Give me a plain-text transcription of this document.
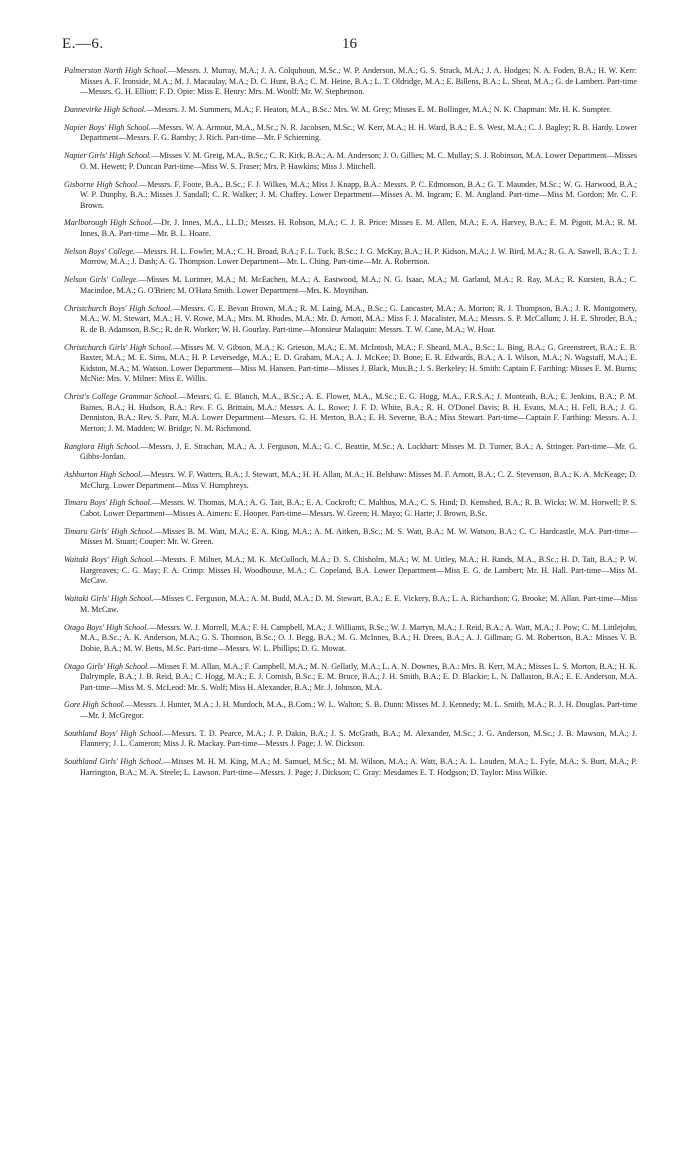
E.—6.	16

Palmerston North High School.—Messrs. J. Murray, M.A.; J. A. Colquhoun, M.Sc.; W. P. Anderson, M.A.; G. S. Strack, M.A.; J. A. Hodges; N. A. Foden, B.A.; H. W. Kerr: Misses A. F. Ironside, M.A.; M. J. Macaulay, M.A.; D. C. Hunt, B.A.; C. M. Heine, B.A.; L. T. Oldridge, M.A.; E. Billens, B.A.; L. Sheat, M.A.; G. de Lambert. Part-time—Messrs. G. H. Elliott; F. D. Opie: Miss E. Henry: Mrs. M. Woolf: Mr. W. Stephenson.

Dannevirke High School.—Messrs. J. M. Summers, M.A.; F. Heaton, M.A., B.Sc.: Mrs. W. M. Grey; Misses E. M. Bollinger, M.A.; N. K. Chapman: Mr. H. K. Sumpter.

Napier Boys' High School.—Messrs. W. A. Armour, M.A., M.Sc.; N. R. Jacobsen, M.Sc.; W. Kerr, M.A.; H. H. Ward, B.A.; E. S. West, M.A.; C. J. Bagley; R. B. Hardy. Lower Department—Messrs. F. G. Barnby; J. Rich. Part-time—Mr. F Schierning.

Napier Girls' High School.—Misses V. M. Greig, M.A., B.Sc.; C. R. Kirk, B.A.; A. M. Anderson; J. O. Gillies; M. C. Mullay; S. J. Robinson, M.A. Lower Department—Misses O. M. Hewett; P. Duncan Part-time—Miss W. S. Fraser; Mrs. P. Hawkins; Miss J. Mitchell.

Gisborne High School.—Messrs. F. Foote, B.A., B.Sc.; F. J. Wilkes, M.A.; Miss J. Knapp, B.A.: Messrs. P. C. Edmonson, B.A.; G. T. Maunder, M.Sc.; W. G. Harwood, B.A.; W. P. Dunphy, B.A.: Misses J. Sandall; C. R. Walker; J. M. Chaffey. Lower Department—Misses A. M. Ingram; E. M. Angland. Part-time—Miss M. Gordon; Mr. C. F. Brown.

Marlborough High School.—Dr. J. Innes, M.A., LL.D.; Messrs. H. Robson, M.A.; C. J. R. Price: Misses E. M. Allen, M.A.; E. A. Harvey, B.A.; E. M. Pigott, M.A.; R. M. Innes, B.A. Part-time—Mr. B. L. Hoare.

Nelson Boys' College.—Messrs. H. L. Fowler, M.A.; C. H. Broad, B.A.; F. L. Tuck, B.Sc.; J. G. McKay, B.A.; H. P. Kidson, M.A.; J. W. Bird, M.A.; R. G. A. Sawell, B.A.; T. J. Morrow, M.A.; J. Dash; A. G. Thompson. Lower Department—Mr. L. Ching. Part-time—Mr. A. Robertson.

Nelson Girls' College.—Misses M. Lorimer, M.A.; M. McEachen, M.A.; A. Eastwood, M.A.; N. G. Isaac, M.A.; M. Garland, M.A.; R. Ray, M.A.; R. Kursten, B.A.; C. Macindoe, M.A.; G. O'Brien; M. O'Hara Smith. Lower Department—Mrs. K. Moynihan.

Christchurch Boys' High School.—Messrs. C. E. Bevan Brown, M.A.; R. M. Laing, M.A., B.Sc.; G. Lancaster, M.A.; A. Morton; R. J. Thompson, B.A.; J. R. Montgomery, M.A.; W. M. Stewart, M.A.; H. V. Rowe, M.A.; Mrs. M. Rhodes, M.A.: Mr. D. Arnott, M.A.: Miss F. J. Macalister, M.A.; Messrs. S. P. McCallum; J. H. E. Shroder, B.A.; R. de B. Adamson, B.Sc.; R. de R. Worker; W. H. Gourlay. Part-time—Monsieur Malaquin: Messrs. T. W. Cane, M.A.; W. Hoar.

Christchurch Girls' High School.—Misses M. V. Gibson, M.A.; K. Grieson, M.A.; E. M. McIntosh, M.A.; F. Sheard, M.A., B.Sc.; L. Bing, B.A.; G. Greenstreet, B.A.; E. B. Baxter, M.A.; M. E. Sims, M.A.; H. P. Leversedge, M.A.; E. D. Graham, M.A.; A. J. McKee; D. Bone; E. R. Edwards, B.A.; A. I. Wilson, M.A.; N. Wagstaff, M.A.; E. Kidston, M.A.; M. Watson. Lower Department—Miss M. Hansen. Part-time—Misses J. Black, Mus.B.; J. S. Berkeley; H. Smith: Captain F. Farthing: Misses E. M. Burns; McNie: Mrs. V. Milner: Miss E. Willis.

Christ's College Grammar School.—Messrs. G. E. Blanch, M.A., B.Sc.; A. E. Flower, M.A., M.Sc.; E. G. Hogg, M.A., F.R.S.A.; J. Monteath, B.A.; E. Jenkins, B.A.; P. M. Baines, B.A.; H. Hudson, B.A.: Rev. F. G. Brittain, M.A.: Messrs. A. L. Rowe; J. F. D. White, B.A.; R. H. O'Donel Davis; B. H. Evans, M.A.; H. Fell, B.A.; J. G. Denniston, B.A.: Rev. S. Parr, M.A. Lower Department—Messrs. G. H. Merton, B.A.; E. H. Severne, B.A.; Miss Stewart. Part-time—Captain F. Farthing: Messrs. A. J. Merton; J. M. Madden; W. Bridge; N. M. Richmond.

Rangiora High School.—Messrs. J. E. Strachan, M.A.; A. J. Ferguson, M.A.; G. C. Beattie, M.Sc.; A. Lockhart: Misses M. D. Turner, B.A.; A. Stringer. Part-time—Mr. G. Gibbs-Jordan.

Ashburton High School.—Messrs. W. F. Watters, B.A.; J. Stewart, M.A.; H. H. Allan, M.A.; H. Belshaw: Misses M. F. Arnott, B.A.; C. Z. Stevenson, B.A.; K. A. McKeage; D. McClurg. Lower Department—Miss V. Humphreys.

Timaru Boys' High School.—Messrs. W. Thomas, M.A.; A. G. Tait, B.A.; E. A. Cockroft; C. Malthus, M.A.; C. S. Hind; D. Kemshed, B.A.; R. B. Wicks; W. M. Horwell; P. S. Cabot. Lower Department—Misses A. Aimers: E. Hooper. Part-time—Messrs. W. Green; H. Mayo; G. Harte; J. Brown, B.Sc.

Timaru Girls' High School.—Misses B. M. Watt, M.A.; E. A. King, M.A.; A. M. Aitken, B.Sc.; M. S. Watt, B.A.; M. W. Watson, B.A.; C. C. Hardcastle, M.A. Part-time—Misses M. Stuart; Couper: Mr. W. Green.

Waitaki Boys' High School.—Messrs. F. Milner, M.A.; M. K. McCulloch, M.A.; D. S. Chisholm, M.A.; W. M. Uttley, M.A.; H. Rands, M.A., B.Sc.; H. D. Tait, B.A.; P. W. Hargreaves; C. G. May; F. A. Crimp: Misses H. Woodhouse, M.A.; C. Copeland, B.A. Lower Department—Miss E. G. de Lambert; Mr. H. Hall. Part-time—Miss M. McCaw.

Waitaki Girls' High School.—Misses C. Ferguson, M.A.; A. M. Budd, M.A.; D. M. Stewart, B.A.; E. E. Vickery, B.A.; L. A. Richardson; G. Brooke; M. Allan. Part-time—Miss M. McCaw.

Otago Boys' High School.—Messrs. W. J. Morrell, M.A.; F. H. Campbell, M.A.; J. Williams, B.Sc.; W. J. Martyn, M.A.; J. Reid, B.A.; A. Watt, M.A.; J. Pow; C. M. Littlejohn, M.A., B.Sc.; A. K. Anderson, M.A.; G. S. Thomson, B.Sc.; O. J. Begg, B.A.; M. G. McInnes, B.A.; H. Drees, B.A.; A. J. Gillman; G. M. Robertson, B.A.: Misses V. B. Dobie, B.A.; M. W. Betts, M.Sc. Part-time—Messrs. W. L. Phillips; D. G. Mowat.

Otago Girls' High School.—Misses F. M. Allan, M.A.; F. Campbell, M.A.; M. N. Gellatly, M.A.; L. A. N. Downes, B.A.: Mrs. B. Kerr, M.A.; Misses L. S. Morton, B.A.; H. K. Dalrymple, B.A.; J. B. Reid, B.A.; C. Hogg, M.A.; E. J. Cornish, B.Sc.; E. M. Bruce, B.A.; J. H. Smith, B.A.; E. D. Blackie; L. N. Dallaston, B.A.; E. E. Anderson, M.A. Part-time—Miss M. S. McLeod: Mr. S. Wolf; Miss H. Alexander, B.A.; Mr. J. Johnson, M.A.

Gore High School.—Messrs. J. Hunter, M.A.; J. H. Murdoch, M.A., B.Com.; W. L. Walton; S. B. Dunn: Misses M. J. Kennedy; M. L. Smith, M.A.; R. J. H. Douglas. Part-time—Mr. J. McGregor.

Southland Boys' High School.—Messrs. T. D. Pearce, M.A.; J. P. Dakin, B.A.; J. S. McGrath, B.A.; M. Alexander, M.Sc.; J. G. Anderson, M.Sc.; J. B. Mawson, M.A.; J. Flannery; J. L. Cameron; Miss J. R. Mackay. Part-time—Messrs J. Page; J. W. Dickson.

Southland Girls' High School.—Misses M. H. M. King, M.A.; M. Samuel, M.Sc.; M. M. Wilson, M.A.; A. Watt, B.A.; A. L. Louden, M.A.; L. Fyfe, M.A.; S. Burt, M.A.; P. Harrington, B.A.; M. A. Steele; L. Lawson. Part-time—Messrs. J. Page; J. Dickson; C. Gray: Mesdames E. T. Hodgson; D. Taylor: Miss Wilkie.
